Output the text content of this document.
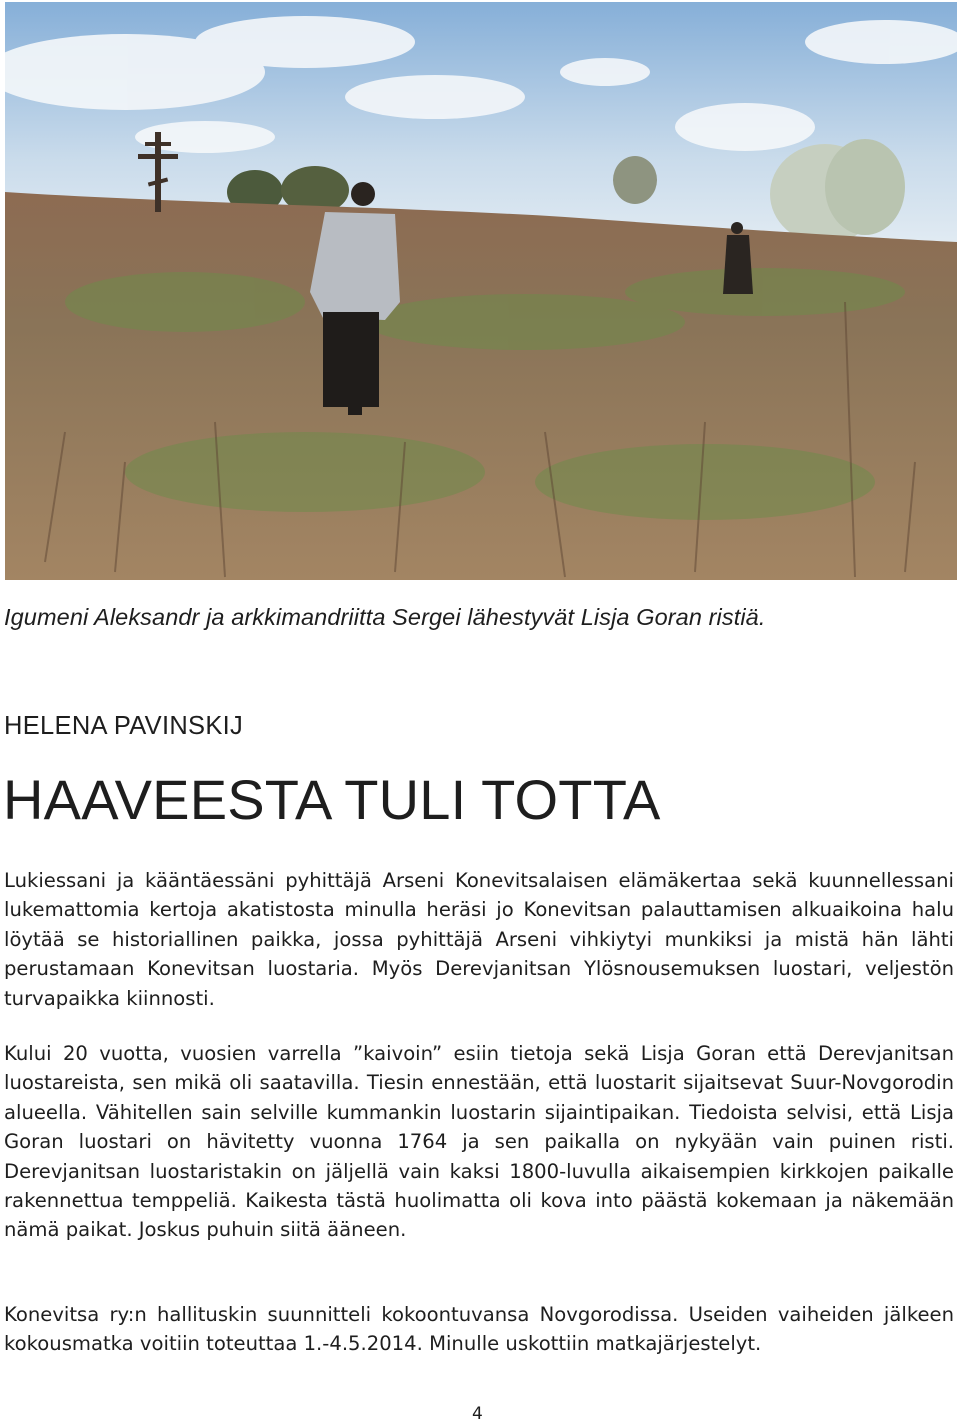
Igumeni Aleksandr ja arkkimandriitta Sergei lähestyvät Lisja Goran ristiä.
HELENA PAVINSKIJ
HAAVEESTA TULI TOTTA

Lukiessani ja kääntäessäni pyhittäjä Arseni Konevitsalaisen elämäkertaa sekä kuunnellessani lukemattomia kertoja akatistosta minulla heräsi jo Konevitsan palauttamisen alkuaikoina halu löytää se historiallinen paikka, jossa pyhittäjä Arseni vihkiytyi munkiksi ja mistä hän lähti perustamaan Konevitsan luostaria. Myös Derevjanitsan Ylösnousemuksen luostari, veljestön turvapaikka kiinnosti.

Kului 20 vuotta, vuosien varrella ”kaivoin” esiin tietoja sekä Lisja Goran että Derevjanitsan luostareista, sen mikä oli saatavilla. Tiesin ennestään, että luostarit sijaitsevat Suur-Novgorodin alueella. Vähitellen sain selville kummankin luostarin sijaintipaikan. Tiedoista selvisi, että Lisja Goran luostari on hävitetty vuonna 1764 ja sen paikalla on nykyään vain puinen risti. Derevjanitsan luostaristakin on jäljellä vain kaksi 1800-luvulla aikaisempien kirkkojen paikalle rakennettua temppeliä. Kaikesta tästä huolimatta oli kova into päästä kokemaan ja näkemään nämä paikat. Joskus puhuin siitä ääneen.

Konevitsa ry:n hallituskin suunnitteli kokoontuvansa Novgorodissa. Useiden vaiheiden jälkeen kokousmatka voitiin toteuttaa 1.-4.5.2014. Minulle uskottiin matkajärjestelyt.

4
